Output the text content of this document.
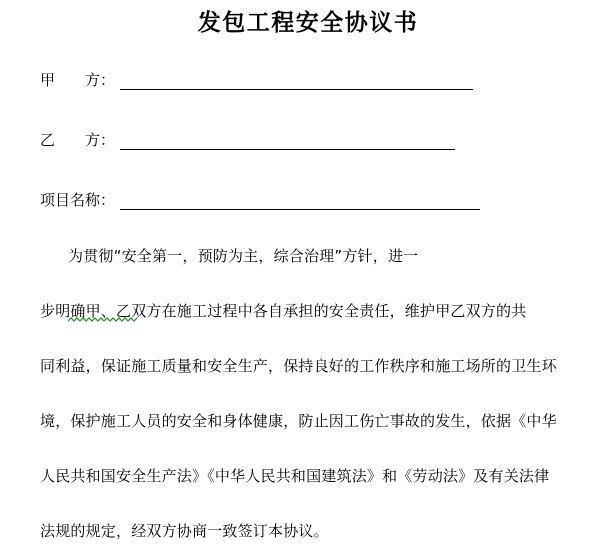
发包工程安全协议书
甲　　方：
乙　　方：
项目名称：
为贯彻“安全第一，预防为主，综合治理”方针，进一
步明确甲、乙双方在施工过程中各自承担的安全责任，维护甲乙双方的共
同利益，保证施工质量和安全生产，保持良好的工作秩序和施工场所的卫生环
境，保护施工人员的安全和身体健康，防止因工伤亡事故的发生，依据《中华
人民共和国安全生产法》《中华人民共和国建筑法》和《劳动法》及有关法律
法规的规定，经双方协商一致签订本协议。
